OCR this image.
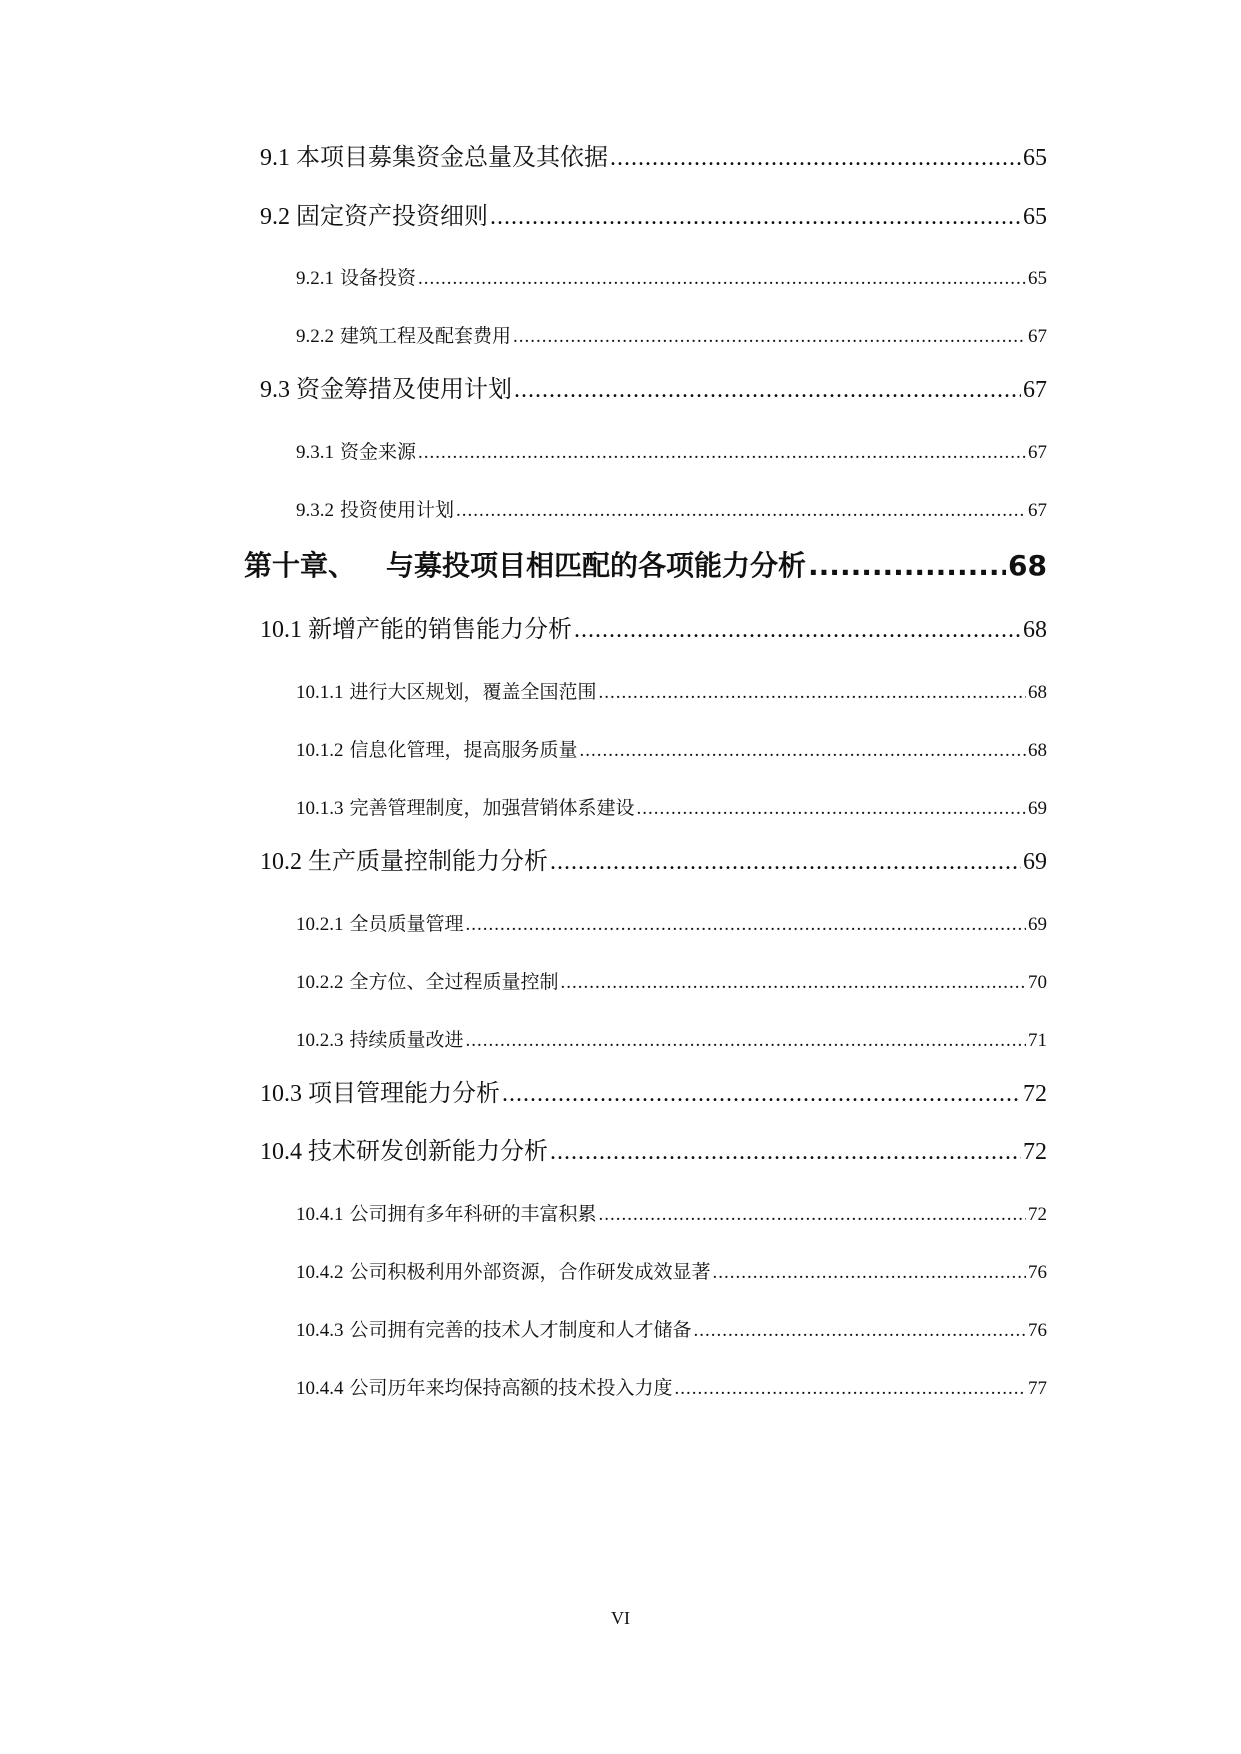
9.1 本项目募集资金总量及其依据 .....	65
9.2 固定资产投资细则 .....	65
9.2.1 设备投资 .....	65
9.2.2 建筑工程及配套费用 .....	67
9.3 资金筹措及使用计划 .....	67
9.3.1 资金来源 .....	67
9.3.2 投资使用计划 .....	67
第十章、 与募投项目相匹配的各项能力分析 .....	68
10.1 新增产能的销售能力分析 .....	68
10.1.1 进行大区规划，覆盖全国范围 .....	68
10.1.2 信息化管理，提高服务质量 .....	68
10.1.3 完善管理制度，加强营销体系建设 .....	69
10.2 生产质量控制能力分析 .....	69
10.2.1 全员质量管理 .....	69
10.2.2 全方位、全过程质量控制 .....	70
10.2.3 持续质量改进 .....	71
10.3 项目管理能力分析 .....	72
10.4 技术研发创新能力分析 .....	72
10.4.1 公司拥有多年科研的丰富积累 .....	72
10.4.2 公司积极利用外部资源，合作研发成效显著 .....	76
10.4.3 公司拥有完善的技术人才制度和人才储备 .....	76
10.4.4 公司历年来均保持高额的技术投入力度 .....	77
VI
